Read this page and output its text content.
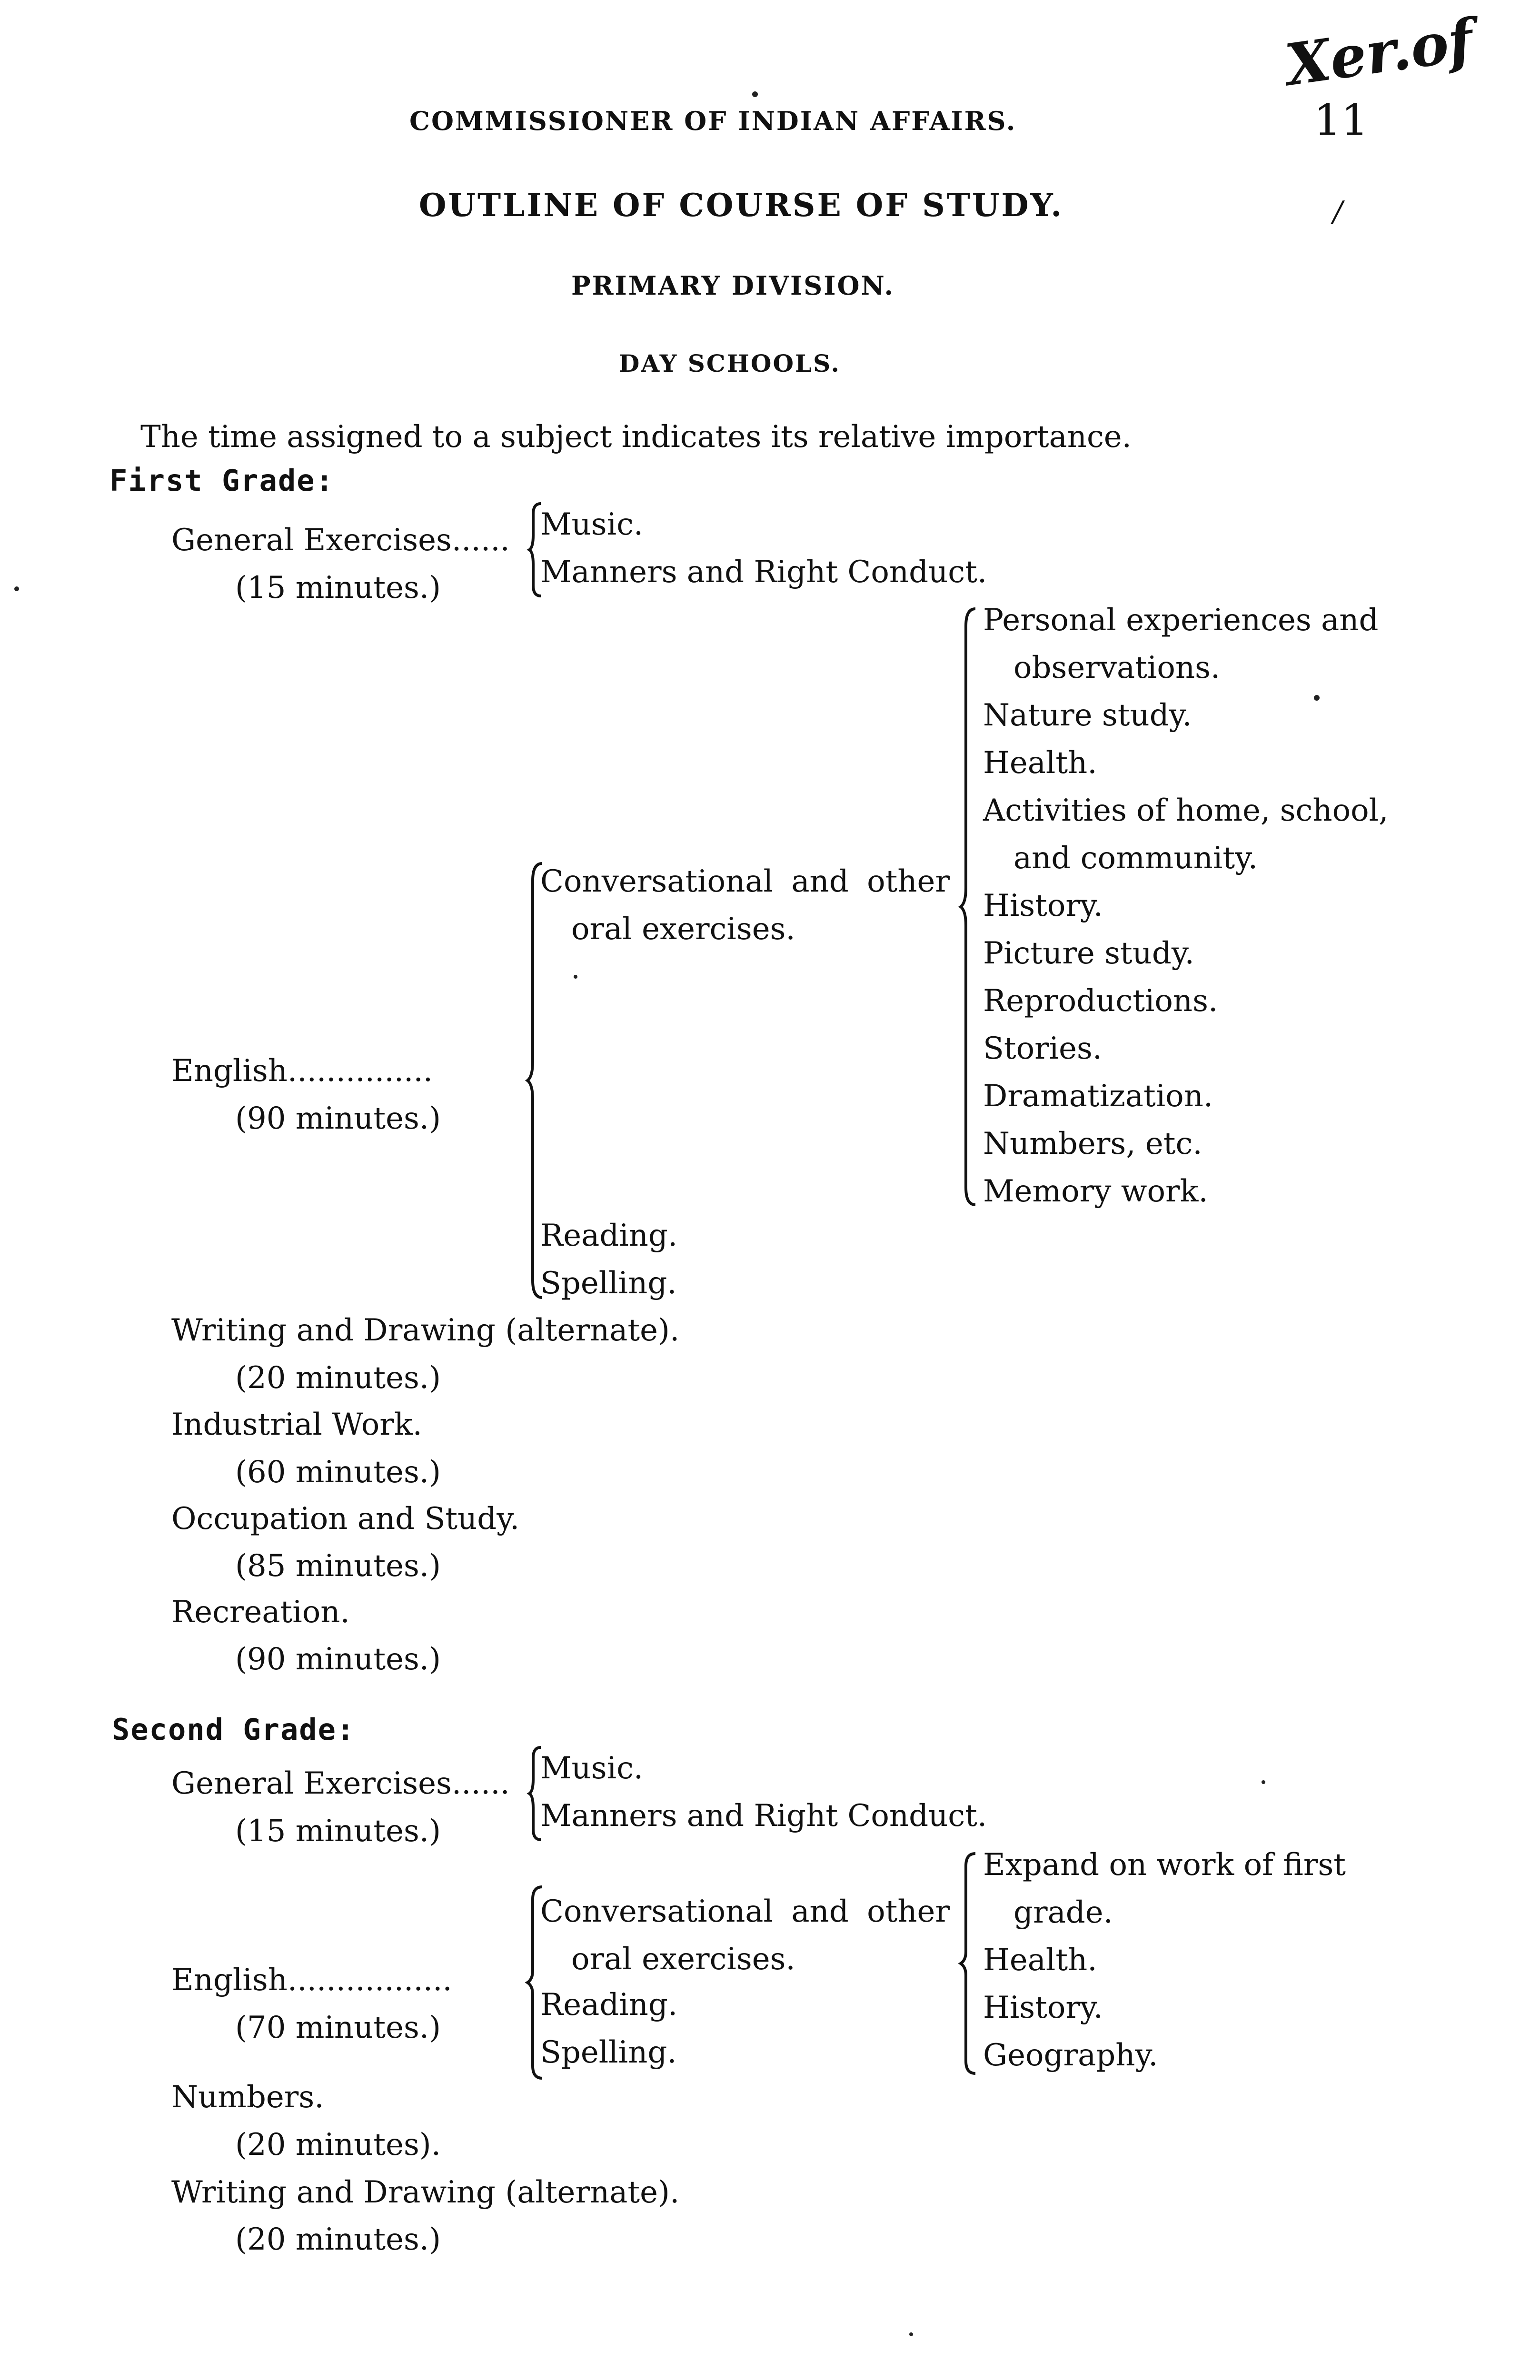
COMMISSIONER OF INDIAN AFFAIRS.	11
Xer.of
/
OUTLINE OF COURSE OF STUDY.
PRIMARY DIVISION.
DAY SCHOOLS.
The time assigned to a subject indicates its relative importance.
First Grade:
General Exercises......
(15 minutes.)
Music.
Manners and Right Conduct.
English...............
(90 minutes.)
Conversational and other
oral exercises.
Reading.
Spelling.
Personal experiences and
observations.
Nature study.
Health.
Activities of home, school,
and community.
History.
Picture study.
Reproductions.
Stories.
Dramatization.
Numbers, etc.
Memory work.
Writing and Drawing (alternate).
(20 minutes.)
Industrial Work.
(60 minutes.)
Occupation and Study.
(85 minutes.)
Recreation.
(90 minutes.)
Second Grade:
General Exercises......
(15 minutes.)
Music.
Manners and Right Conduct.
English.................
(70 minutes.)
Conversational and other
oral exercises.
Reading.
Spelling.
Expand on work of first
grade.
Health.
History.
Geography.
Numbers.
(20 minutes).
Writing and Drawing (alternate).
(20 minutes.)
